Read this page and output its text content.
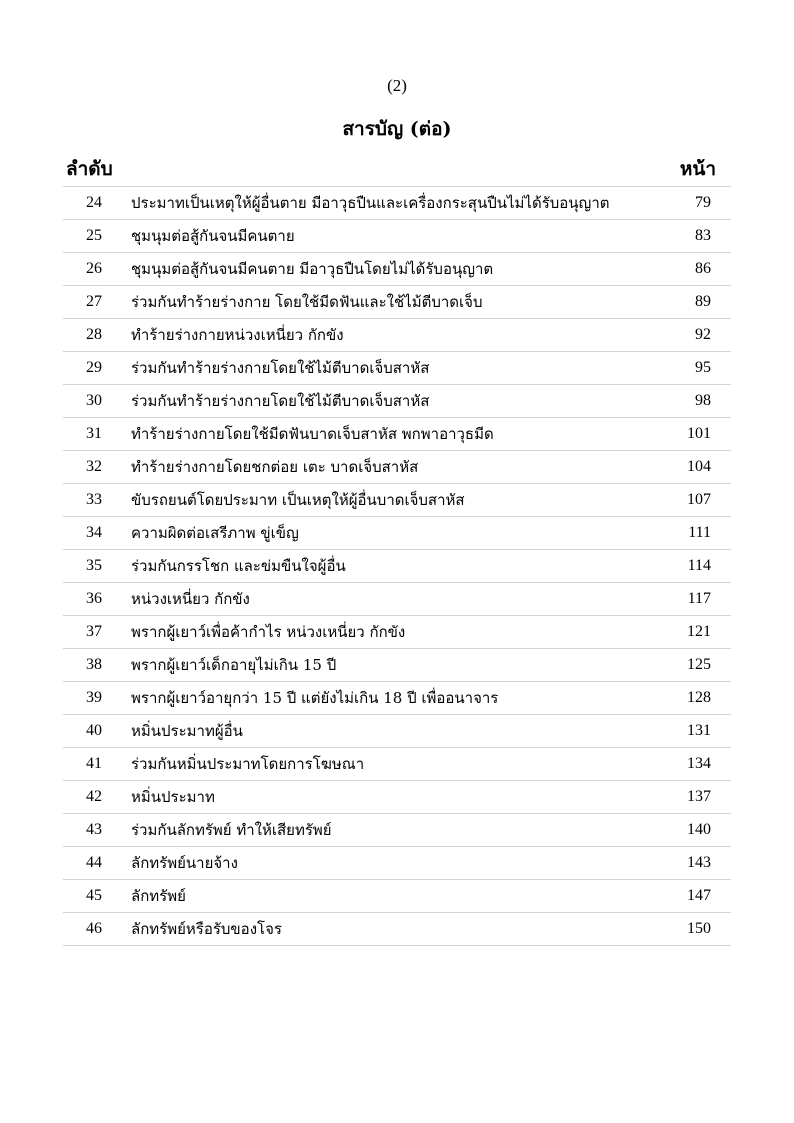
(2)
สารบัญ (ต่อ)
ลำดับ	หน้า
24	ประมาทเป็นเหตุให้ผู้อื่นตาย มีอาวุธปืนและเครื่องกระสุนปืนไม่ได้รับอนุญาต	79
25	ชุมนุมต่อสู้กันจนมีคนตาย	83
26	ชุมนุมต่อสู้กันจนมีคนตาย มีอาวุธปืนโดยไม่ได้รับอนุญาต	86
27	ร่วมกันทำร้ายร่างกาย โดยใช้มีดฟันและใช้ไม้ตีบาดเจ็บ	89
28	ทำร้ายร่างกายหน่วงเหนี่ยว กักขัง	92
29	ร่วมกันทำร้ายร่างกายโดยใช้ไม้ตีบาดเจ็บสาหัส	95
30	ร่วมกันทำร้ายร่างกายโดยใช้ไม้ตีบาดเจ็บสาหัส	98
31	ทำร้ายร่างกายโดยใช้มีดฟันบาดเจ็บสาหัส พกพาอาวุธมีด	101
32	ทำร้ายร่างกายโดยชกต่อย เตะ บาดเจ็บสาหัส	104
33	ขับรถยนต์โดยประมาท เป็นเหตุให้ผู้อื่นบาดเจ็บสาหัส	107
34	ความผิดต่อเสรีภาพ ขู่เข็ญ	111
35	ร่วมกันกรรโชก และข่มขืนใจผู้อื่น	114
36	หน่วงเหนี่ยว กักขัง	117
37	พรากผู้เยาว์เพื่อค้ากำไร หน่วงเหนี่ยว กักขัง	121
38	พรากผู้เยาว์เด็กอายุไม่เกิน 15 ปี	125
39	พรากผู้เยาว์อายุกว่า 15 ปี แต่ยังไม่เกิน 18 ปี เพื่ออนาจาร	128
40	หมิ่นประมาทผู้อื่น	131
41	ร่วมกันหมิ่นประมาทโดยการโฆษณา	134
42	หมิ่นประมาท	137
43	ร่วมกันลักทรัพย์ ทำให้เสียทรัพย์	140
44	ลักทรัพย์นายจ้าง	143
45	ลักทรัพย์	147
46	ลักทรัพย์หรือรับของโจร	150
